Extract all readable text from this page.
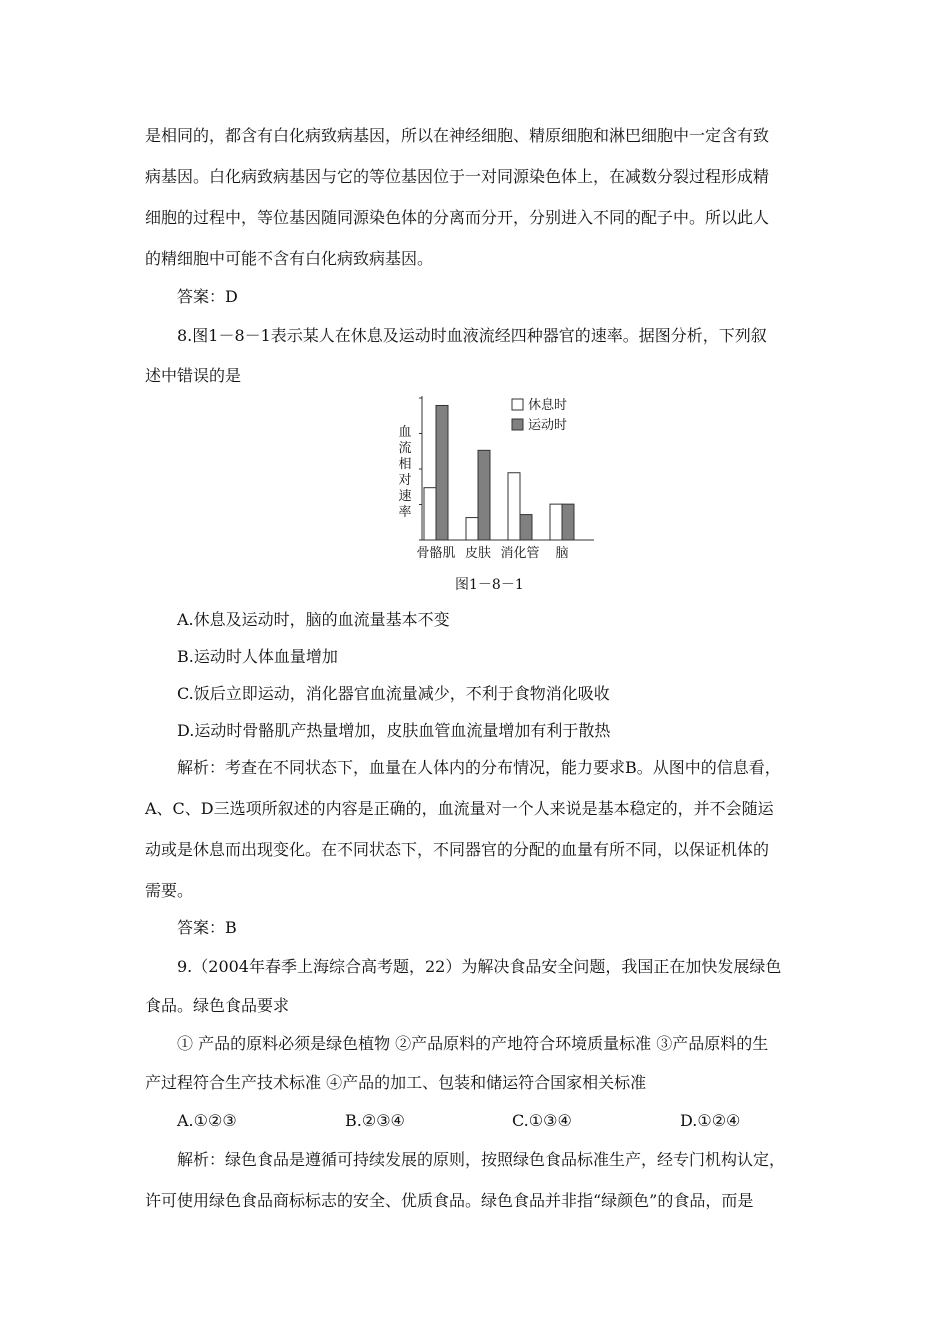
是相同的，都含有白化病致病基因，所以在神经细胞、精原细胞和淋巴细胞中一定含有致
病基因。白化病致病基因与它的等位基因位于一对同源染色体上，在减数分裂过程形成精
细胞的过程中，等位基因随同源染色体的分离而分开，分别进入不同的配子中。所以此人
的精细胞中可能不含有白化病致病基因。
答案：D
8.图1－8－1表示某人在休息及运动时血液流经四种器官的速率。据图分析，下列叙
述中错误的是
血
流
相
对
速
率
骨骼肌 皮肤 消化管 脑
休息时
运动时
图1－8－1
A.休息及运动时，脑的血流量基本不变
B.运动时人体血量增加
C.饭后立即运动，消化器官血流量减少，不利于食物消化吸收
D.运动时骨骼肌产热量增加，皮肤血管血流量增加有利于散热
解析：考查在不同状态下，血量在人体内的分布情况，能力要求B。从图中的信息看，
A、C、D三选项所叙述的内容是正确的，血流量对一个人来说是基本稳定的，并不会随运
动或是休息而出现变化。在不同状态下，不同器官的分配的血量有所不同，以保证机体的
需要。
答案：B
9.（2004年春季上海综合高考题，22）为解决食品安全问题，我国正在加快发展绿色
食品。绿色食品要求
① 产品的原料必须是绿色植物 ②产品原料的产地符合环境质量标准 ③产品原料的生
产过程符合生产技术标准 ④产品的加工、包装和储运符合国家相关标准
A.①②③	B.②③④	C.①③④	D.①②④
解析：绿色食品是遵循可持续发展的原则，按照绿色食品标准生产，经专门机构认定，
许可使用绿色食品商标标志的安全、优质食品。绿色食品并非指“绿颜色”的食品，而是
